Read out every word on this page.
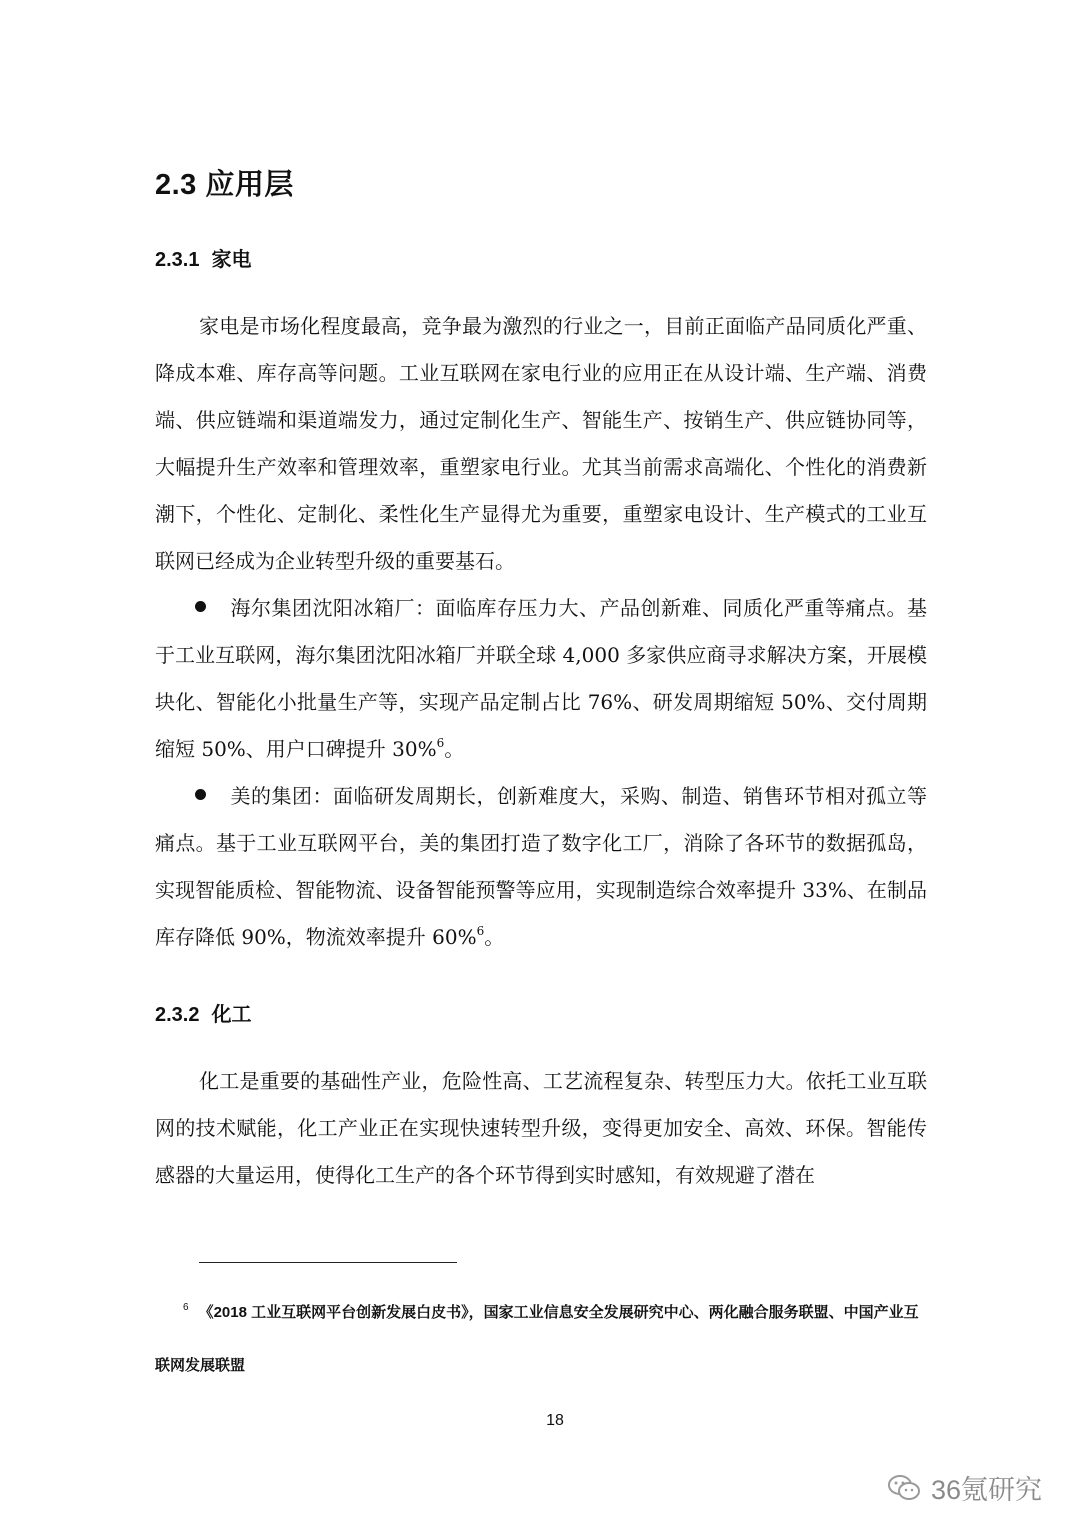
2.3 应用层
2.3.1 家电

家电是市场化程度最高，竞争最为激烈的行业之一，目前正面临产品同质化严重、降成本难、库存高等问题。工业互联网在家电行业的应用正在从设计端、生产端、消费端、供应链端和渠道端发力，通过定制化生产、智能生产、按销生产、供应链协同等，大幅提升生产效率和管理效率，重塑家电行业。尤其当前需求高端化、个性化的消费新潮下，个性化、定制化、柔性化生产显得尤为重要，重塑家电设计、生产模式的工业互联网已经成为企业转型升级的重要基石。

海尔集团沈阳冰箱厂：面临库存压力大、产品创新难、同质化严重等痛点。基于工业互联网，海尔集团沈阳冰箱厂并联全球 4,000 多家供应商寻求解决方案，开展模块化、智能化小批量生产等，实现产品定制占比 76%、研发周期缩短 50%、交付周期缩短 50%、用户口碑提升 30%$^6$。

美的集团：面临研发周期长，创新难度大，采购、制造、销售环节相对孤立等痛点。基于工业互联网平台，美的集团打造了数字化工厂，消除了各环节的数据孤岛，实现智能质检、智能物流、设备智能预警等应用，实现制造综合效率提升 33%、在制品库存降低 90%，物流效率提升 60%$^6$。

2.3.2 化工

化工是重要的基础性产业，危险性高、工艺流程复杂、转型压力大。依托工业互联网的技术赋能，化工产业正在实现快速转型升级，变得更加安全、高效、环保。智能传感器的大量运用，使得化工生产的各个环节得到实时感知，有效规避了潜在

$^6$ 《2018 工业互联网平台创新发展白皮书》，国家工业信息安全发展研究中心、两化融合服务联盟、中国产业互联网发展联盟
18
36氪研究
